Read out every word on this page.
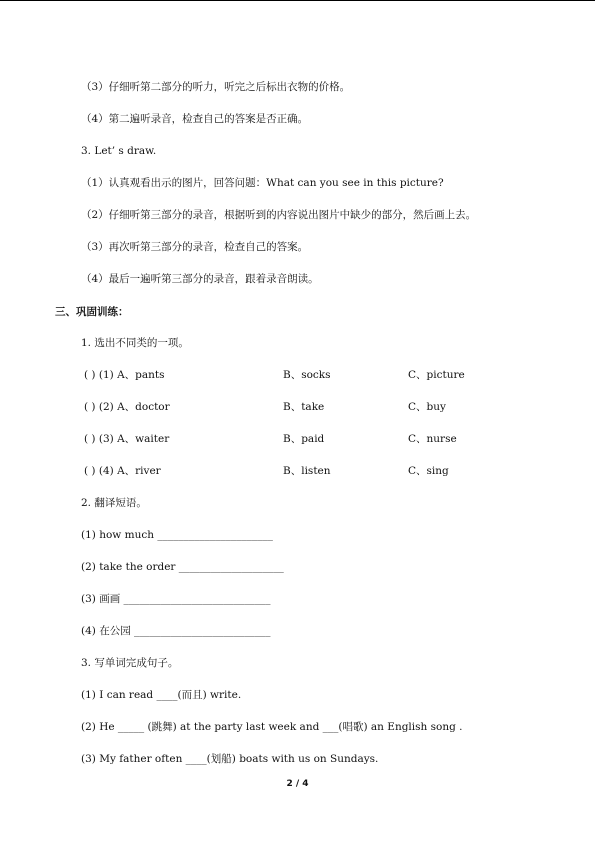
（3）仔细听第二部分的听力，听完之后标出衣物的价格。
（4）第二遍听录音，检查自己的答案是否正确。
3. Let’ s draw.
（1）认真观看出示的图片，回答问题：What can you see in this picture?
（2）仔细听第三部分的录音，根据听到的内容说出图片中缺少的部分，然后画上去。
（3）再次听第三部分的录音，检查自己的答案。
（4）最后一遍听第三部分的录音，跟着录音朗读。
三、巩固训练：
1. 选出不同类的一项。
( ) (1) A、pants	B、socks	C、picture
( ) (2) A、doctor	B、take	C、buy
( ) (3) A、waiter	B、paid	C、nurse
( ) (4) A、river	B、listen	C、sing
2. 翻译短语。
(1) how much ______________________
(2) take the order ____________________
(3) 画画 ____________________________
(4) 在公园 __________________________
3. 写单词完成句子。
(1) I can read ____(而且) write.
(2) He _____ (跳舞) at the party last week and ___(唱歌) an English song .
(3) My father often ____(划船) boats with us on Sundays.
2 / 4
